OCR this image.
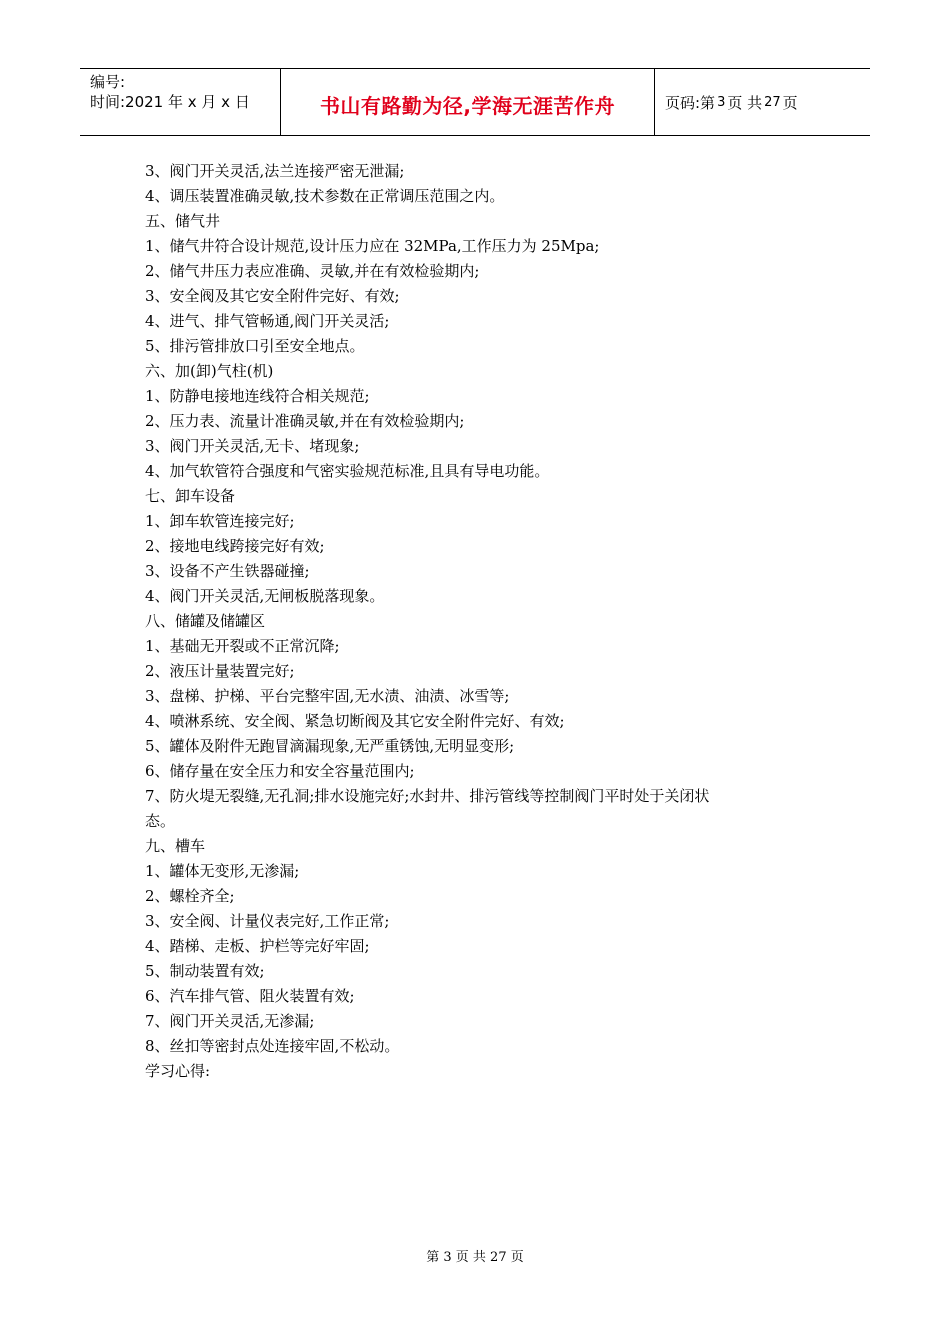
编号:
时间:2021 年 x 月 x 日	书山有路勤为径,学海无涯苦作舟	页码:第 3 页 共 27 页
3、阀门开关灵活,法兰连接严密无泄漏;
4、调压装置准确灵敏,技术参数在正常调压范围之内。
五、储气井
1、储气井符合设计规范,设计压力应在 32MPa,工作压力为 25Mpa;
2、储气井压力表应准确、灵敏,并在有效检验期内;
3、安全阀及其它安全附件完好、有效;
4、进气、排气管畅通,阀门开关灵活;
5、排污管排放口引至安全地点。
六、加(卸)气柱(机)
1、防静电接地连线符合相关规范;
2、压力表、流量计准确灵敏,并在有效检验期内;
3、阀门开关灵活,无卡、堵现象;
4、加气软管符合强度和气密实验规范标准,且具有导电功能。
七、卸车设备
1、卸车软管连接完好;
2、接地电线跨接完好有效;
3、设备不产生铁器碰撞;
4、阀门开关灵活,无闸板脱落现象。
八、储罐及储罐区
1、基础无开裂或不正常沉降;
2、液压计量装置完好;
3、盘梯、护梯、平台完整牢固,无水渍、油渍、冰雪等;
4、喷淋系统、安全阀、紧急切断阀及其它安全附件完好、有效;
5、罐体及附件无跑冒滴漏现象,无严重锈蚀,无明显变形;
6、储存量在安全压力和安全容量范围内;
7、防火堤无裂缝,无孔洞;排水设施完好;水封井、排污管线等控制阀门平时处于关闭状
态。
九、槽车
1、罐体无变形,无渗漏;
2、螺栓齐全;
3、安全阀、计量仪表完好,工作正常;
4、踏梯、走板、护栏等完好牢固;
5、制动装置有效;
6、汽车排气管、阻火装置有效;
7、阀门开关灵活,无渗漏;
8、丝扣等密封点处连接牢固,不松动。
学习心得:
第 3 页 共 27 页
